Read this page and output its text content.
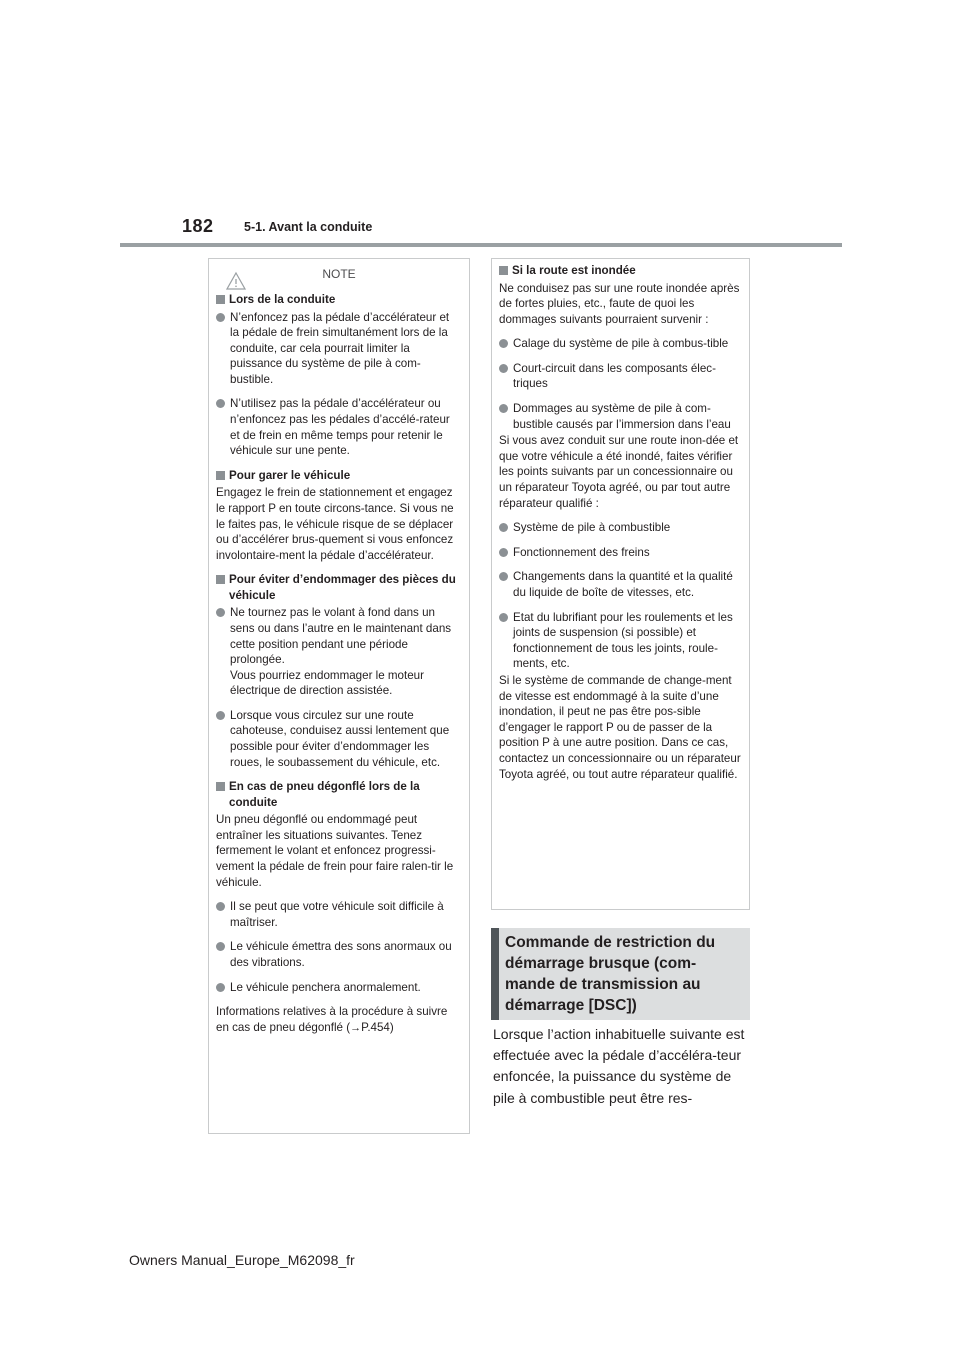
182 5-1. Avant la conduite
NOTE
Lors de la conduite
N’enfoncez pas la pédale d’accélérateur et la pédale de frein simultanément lors de la conduite, car cela pourrait limiter la puissance du système de pile à com-bustible.
N’utilisez pas la pédale d’accélérateur ou n’enfoncez pas les pédales d’accélé-rateur et de frein en même temps pour retenir le véhicule sur une pente.
Pour garer le véhicule
Engagez le frein de stationnement et engagez le rapport P en toute circons-tance. Si vous ne le faites pas, le véhicule risque de se déplacer ou d’accélérer brus-quement si vous enfoncez involontaire-ment la pédale d’accélérateur.
Pour éviter d’endommager des pièces du véhicule
Ne tournez pas le volant à fond dans un sens ou dans l’autre en le maintenant dans cette position pendant une période prolongée.
Vous pourriez endommager le moteur électrique de direction assistée.
Lorsque vous circulez sur une route cahoteuse, conduisez aussi lentement que possible pour éviter d’endommager les roues, le soubassement du véhicule, etc.
En cas de pneu dégonflé lors de la conduite
Un pneu dégonflé ou endommagé peut entraîner les situations suivantes. Tenez fermement le volant et enfoncez progressi-vement la pédale de frein pour faire ralen-tir le véhicule.
Il se peut que votre véhicule soit difficile à maîtriser.
Le véhicule émettra des sons anormaux ou des vibrations.
Le véhicule penchera anormalement.
Informations relatives à la procédure à suivre en cas de pneu dégonflé (→P.454)
Si la route est inondée
Ne conduisez pas sur une route inondée après de fortes pluies, etc., faute de quoi les dommages suivants pourraient survenir :
Calage du système de pile à combus-tible
Court-circuit dans les composants élec-triques
Dommages au système de pile à com-bustible causés par l’immersion dans l’eau
Si vous avez conduit sur une route inon-dée et que votre véhicule a été inondé, faites vérifier les points suivants par un concessionnaire ou un réparateur Toyota agréé, ou par tout autre réparateur qualifié :
Système de pile à combustible
Fonctionnement des freins
Changements dans la quantité et la qualité du liquide de boîte de vitesses, etc.
Etat du lubrifiant pour les roulements et les joints de suspension (si possible) et fonctionnement de tous les joints, roule-ments, etc.
Si le système de commande de change-ment de vitesse est endommagé à la suite d’une inondation, il peut ne pas être pos-sible d’engager le rapport P ou de passer de la position P à une autre position. Dans ce cas, contactez un concessionnaire ou un réparateur Toyota agréé, ou tout autre réparateur qualifié.
Commande de restriction du démarrage brusque (com-mande de transmission au démarrage [DSC])
Lorsque l’action inhabituelle suivante est effectuée avec la pédale d’accéléra-teur enfoncée, la puissance du système de pile à combustible peut être res-
Owners Manual_Europe_M62098_fr
